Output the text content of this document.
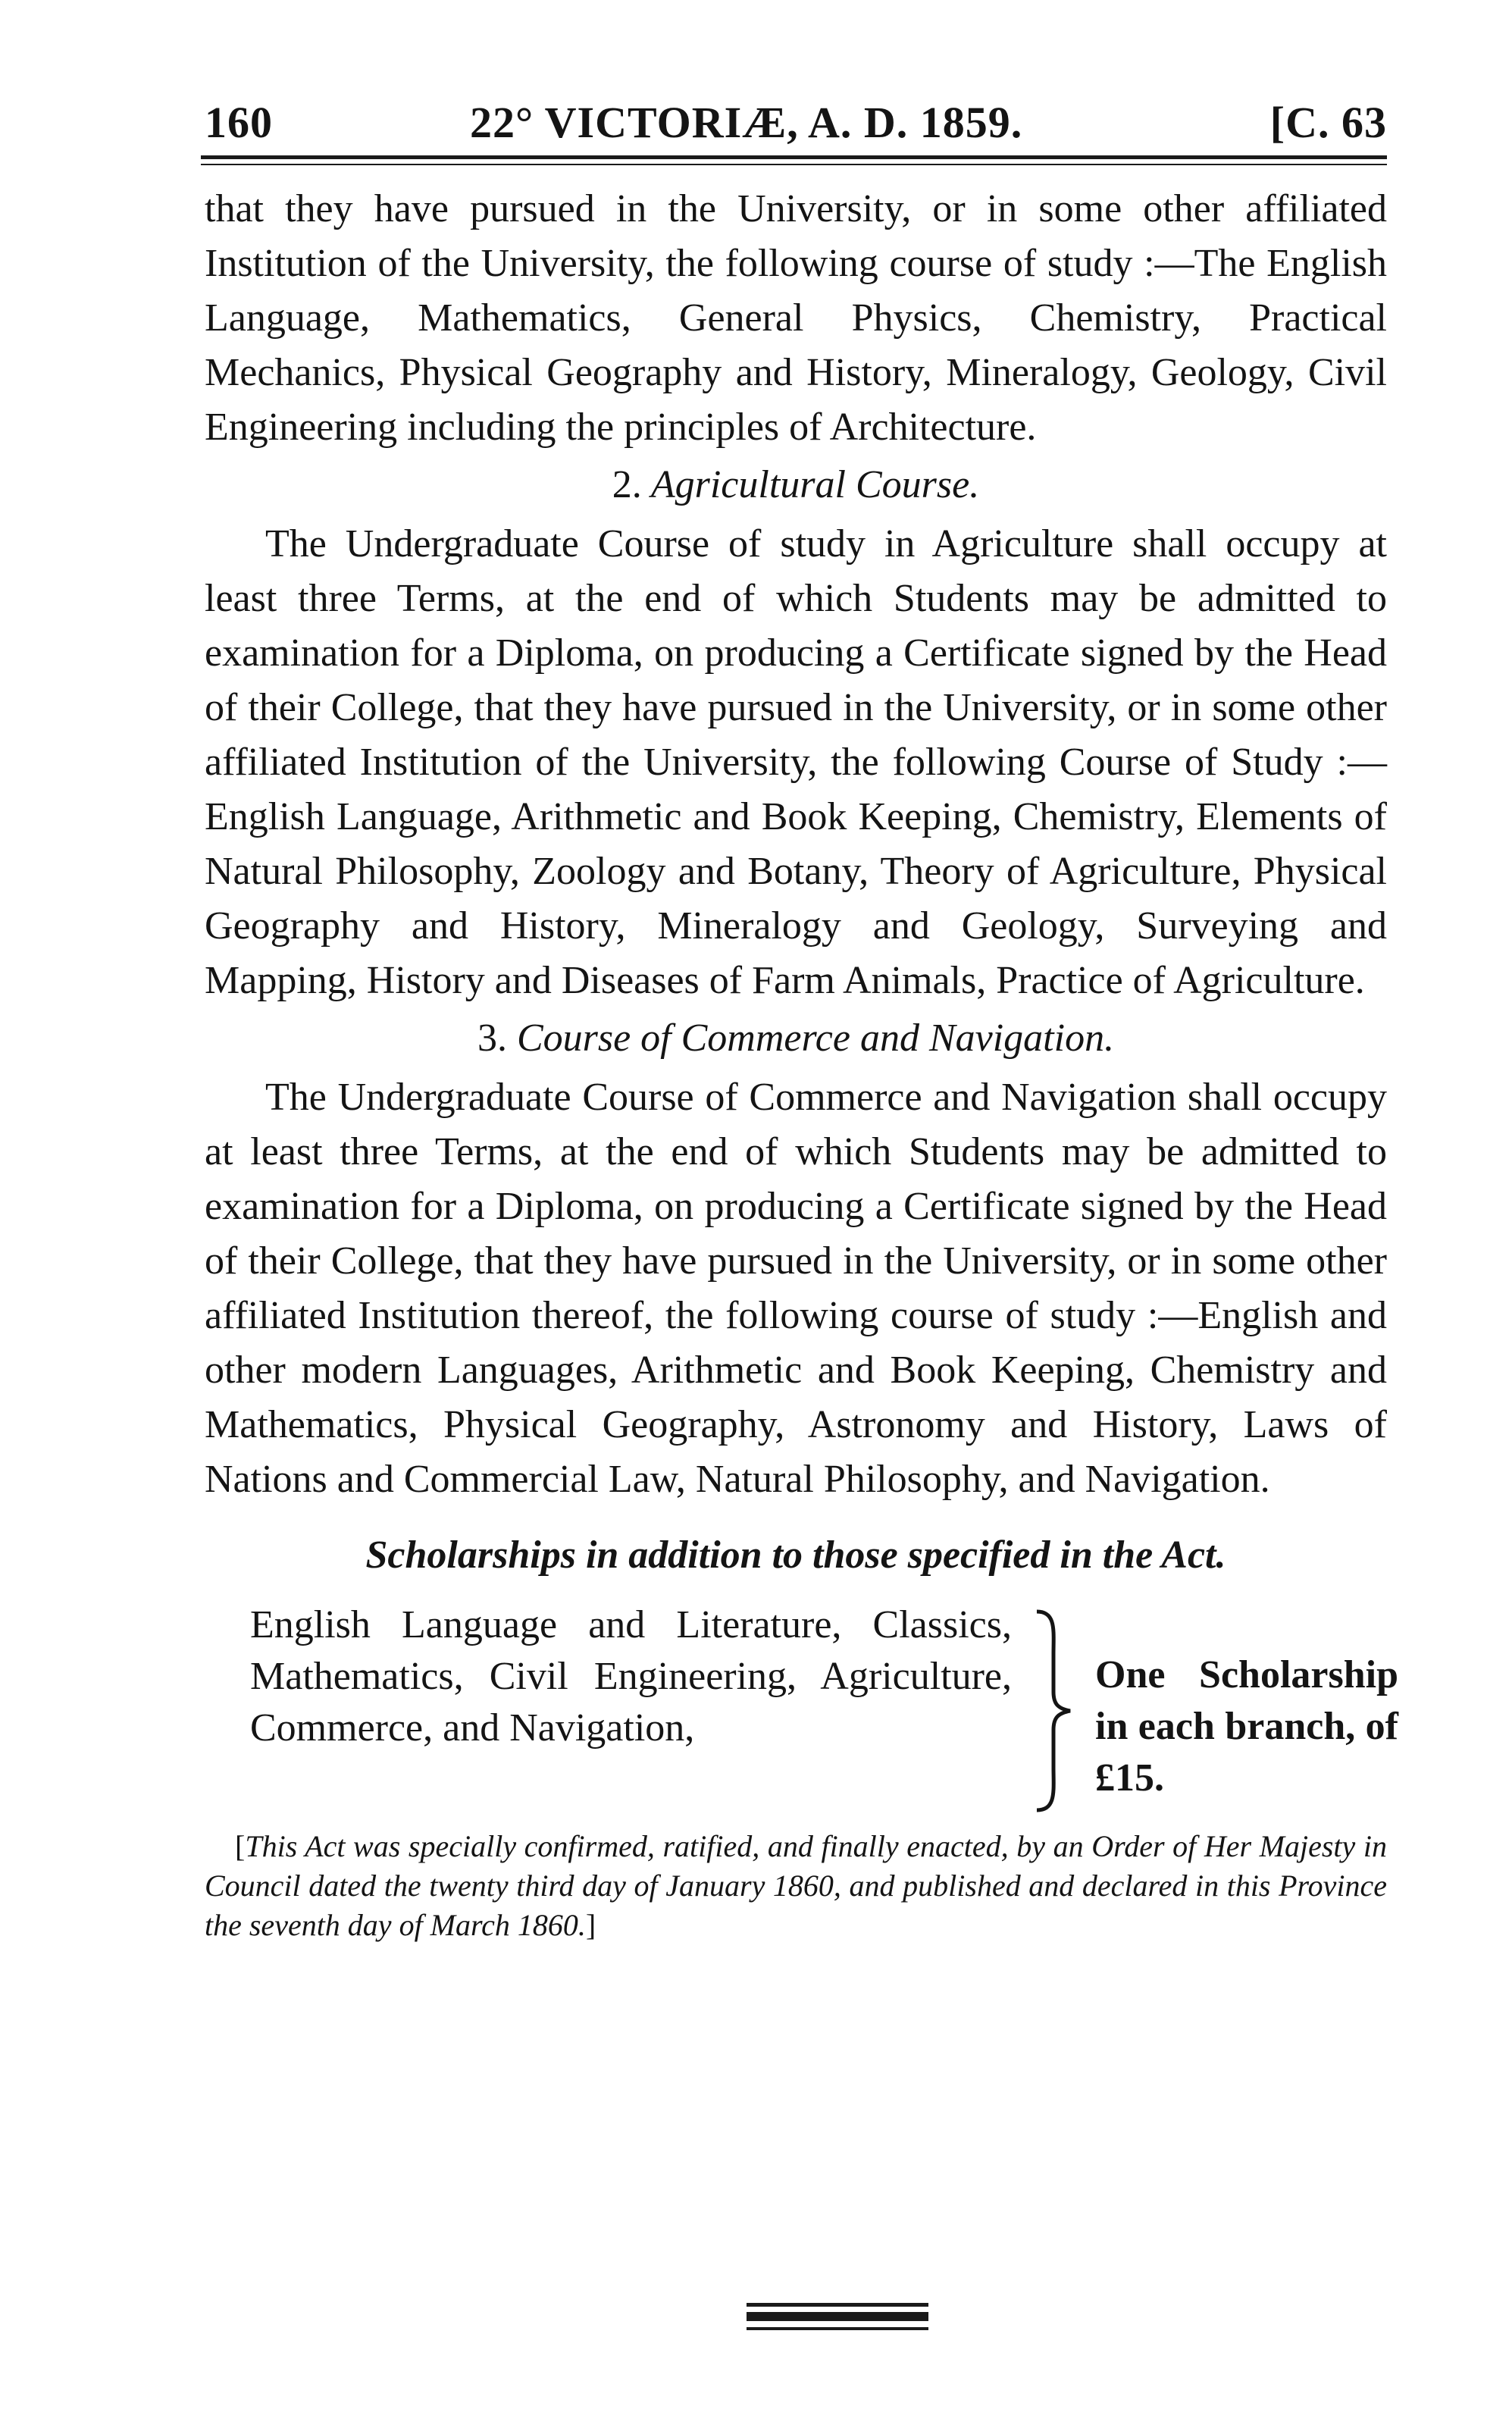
160	22° VICTORIÆ, A. D. 1859.	[C. 63

that they have pursued in the University, or in some other affiliated Institution of the University, the following course of study :—The English Language, Mathematics, General Physics, Chemistry, Practical Mechanics, Physical Geography and History, Mineralogy, Geology, Civil Engineering including the principles of Architecture.

2. Agricultural Course.

The Undergraduate Course of study in Agriculture shall occupy at least three Terms, at the end of which Students may be admitted to examination for a Diploma, on producing a Certificate signed by the Head of their College, that they have pursued in the University, or in some other affiliated Institution of the University, the following Course of Study :—English Language, Arithmetic and Book Keeping, Chemistry, Elements of Natural Philosophy, Zoology and Botany, Theory of Agriculture, Physical Geography and History, Mineralogy and Geology, Surveying and Mapping, History and Diseases of Farm Animals, Practice of Agriculture.

3. Course of Commerce and Navigation.

The Undergraduate Course of Commerce and Navigation shall occupy at least three Terms, at the end of which Students may be admitted to examination for a Diploma, on producing a Certificate signed by the Head of their College, that they have pursued in the University, or in some other affiliated Institution thereof, the following course of study :—English and other modern Languages, Arithmetic and Book Keeping, Chemistry and Mathematics, Physical Geography, Astronomy and History, Laws of Nations and Commercial Law, Natural Philosophy, and Navigation.

Scholarships in addition to those specified in the Act.
English Language and Literature, Classics, Mathematics, Civil Engineering, Agriculture, Commerce, and Navigation,
One Scholarship in each branch, of £15.

[This Act was specially confirmed, ratified, and finally enacted, by an Order of Her Majesty in Council dated the twenty third day of January 1860, and published and declared in this Province the seventh day of March 1860.]
